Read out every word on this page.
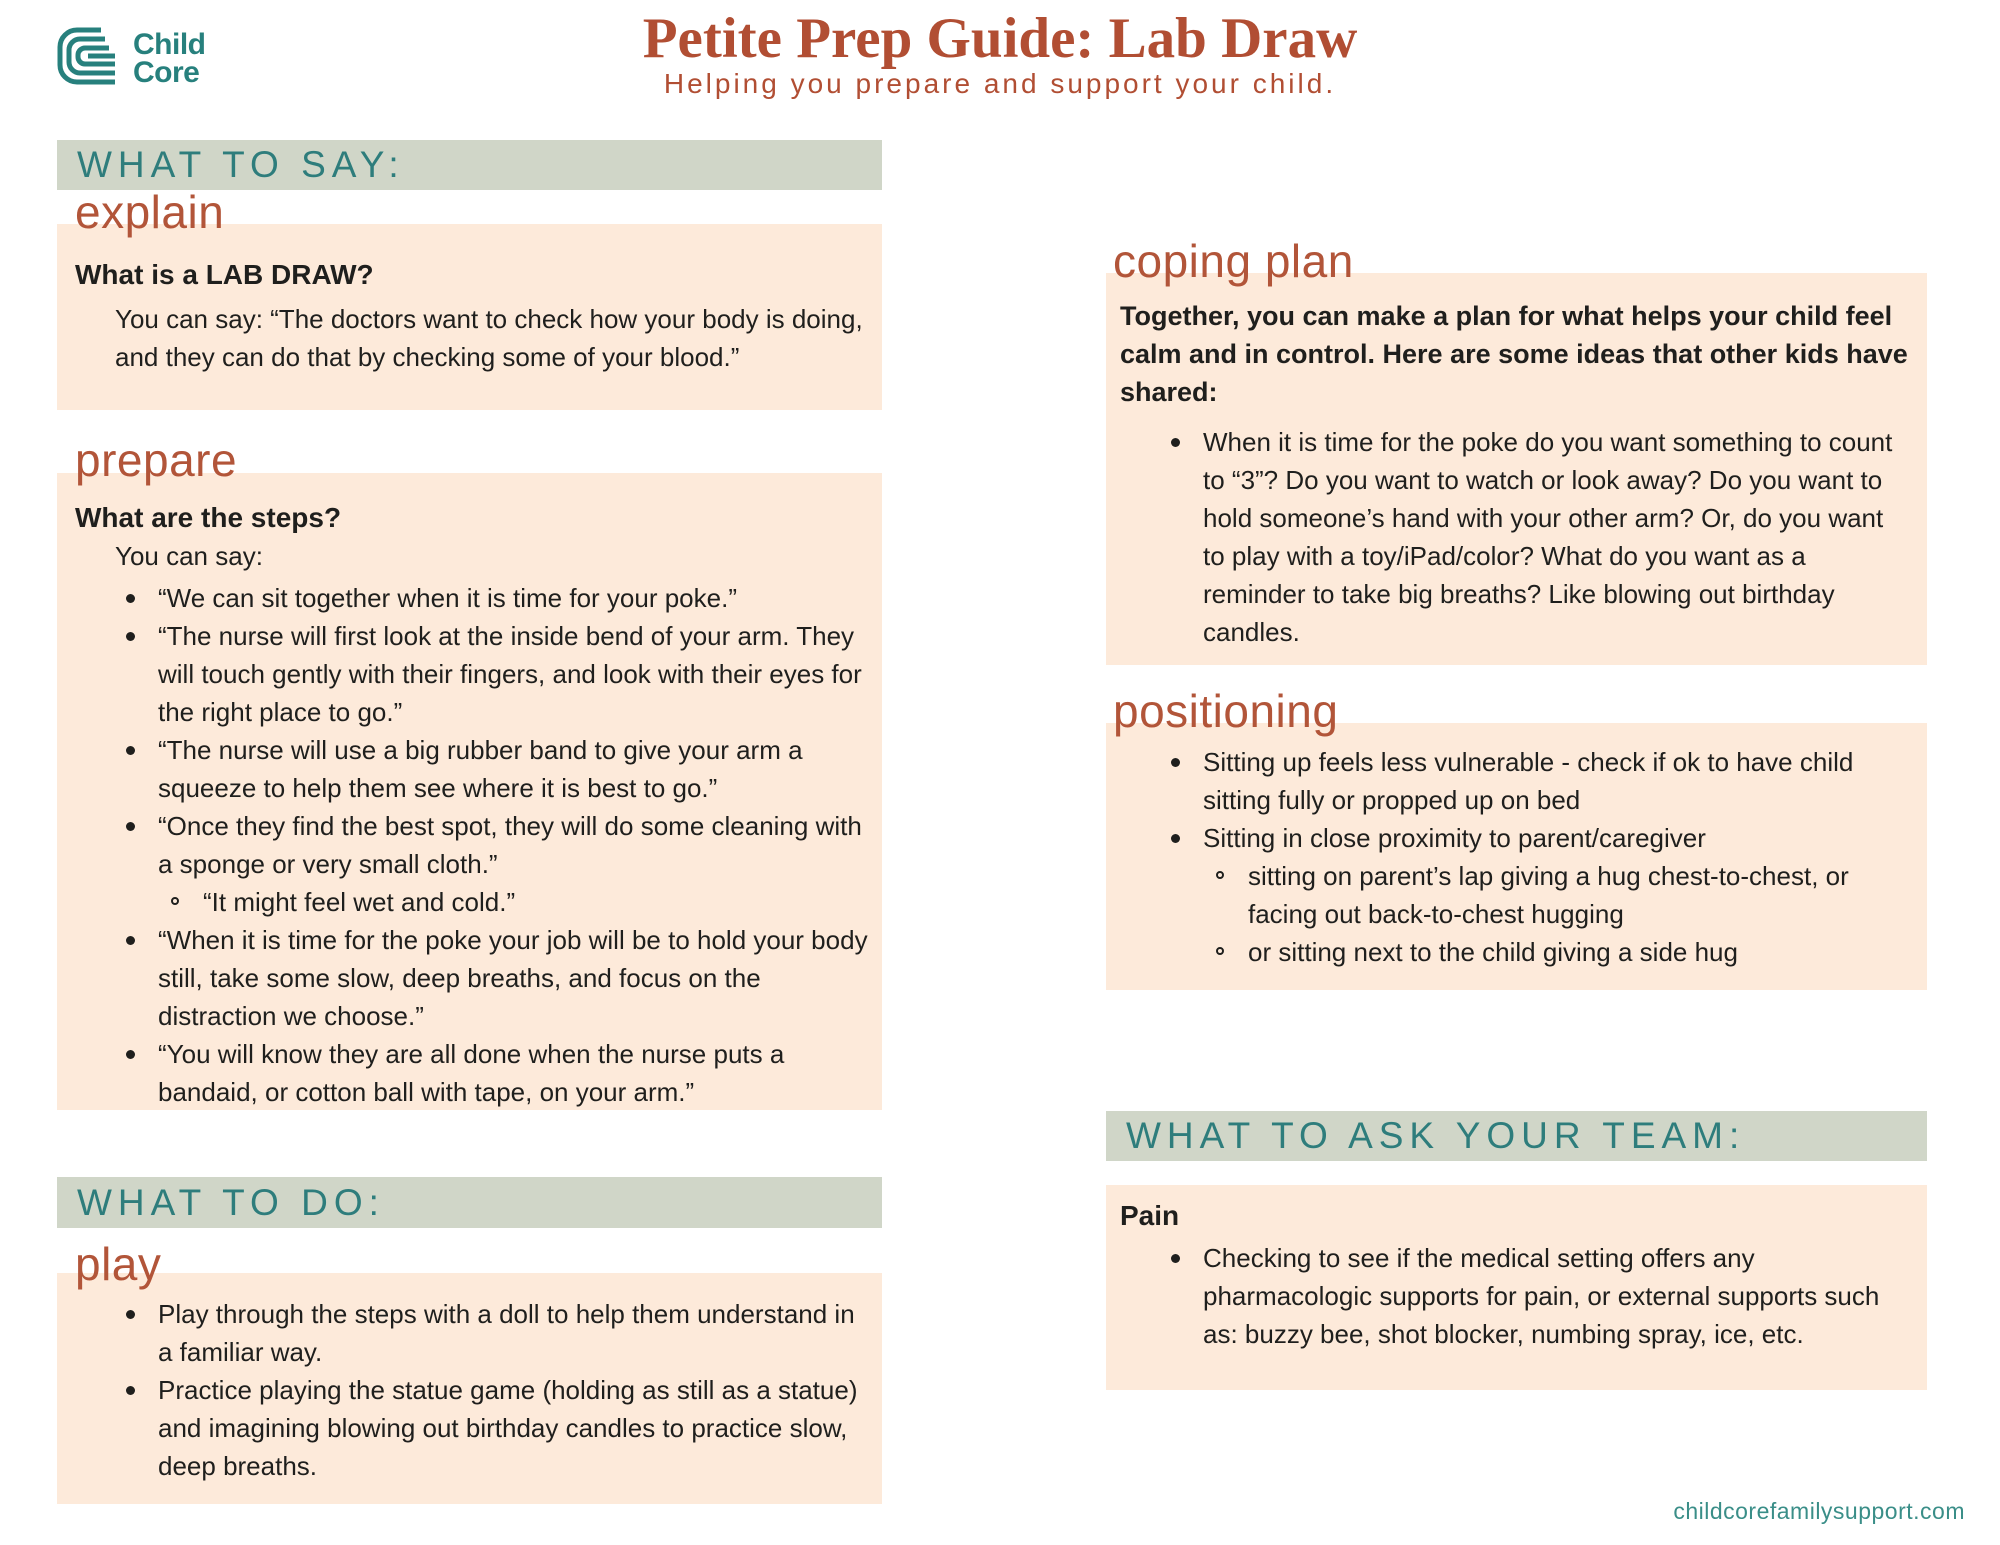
Child
Core
Petite Prep Guide: Lab Draw
Helping you prepare and support your child.
WHAT TO SAY:
explain
What is a LAB DRAW?
You can say: “The doctors want to check how your body is doing, and they can do that by checking some of your blood.”
prepare
What are the steps?
You can say:
“We can sit together when it is time for your poke.”
“The nurse will first look at the inside bend of your arm. They will touch gently with their fingers, and look with their eyes for the right place to go.”
“The nurse will use a big rubber band to give your arm a squeeze to help them see where it is best to go.”
“Once they find the best spot, they will do some cleaning with a sponge or very small cloth.”
“It might feel wet and cold.”
“When it is time for the poke your job will be to hold your body still, take some slow, deep breaths, and focus on the distraction we choose.”
“You will know they are all done when the nurse puts a bandaid, or cotton ball with tape, on your arm.”
WHAT TO DO:
play
Play through the steps with a doll to help them understand in a familiar way.
Practice playing the statue game (holding as still as a statue) and imagining blowing out birthday candles to practice slow, deep breaths.
coping plan
Together, you can make a plan for what helps your child feel calm and in control. Here are some ideas that other kids have shared:
When it is time for the poke do you want something to count to “3”? Do you want to watch or look away? Do you want to hold someone’s hand with your other arm? Or, do you want to play with a toy/iPad/color? What do you want as a reminder to take big breaths? Like blowing out birthday candles.
positioning
Sitting up feels less vulnerable - check if ok to have child sitting fully or propped up on bed
Sitting in close proximity to parent/caregiver
sitting on parent’s lap giving a hug chest-to-chest, or facing out back-to-chest hugging
or sitting next to the child giving a side hug
WHAT TO ASK YOUR TEAM:
Pain
Checking to see if the medical setting offers any pharmacologic supports for pain, or external supports such as: buzzy bee, shot blocker, numbing spray, ice, etc.
childcorefamilysupport.com
